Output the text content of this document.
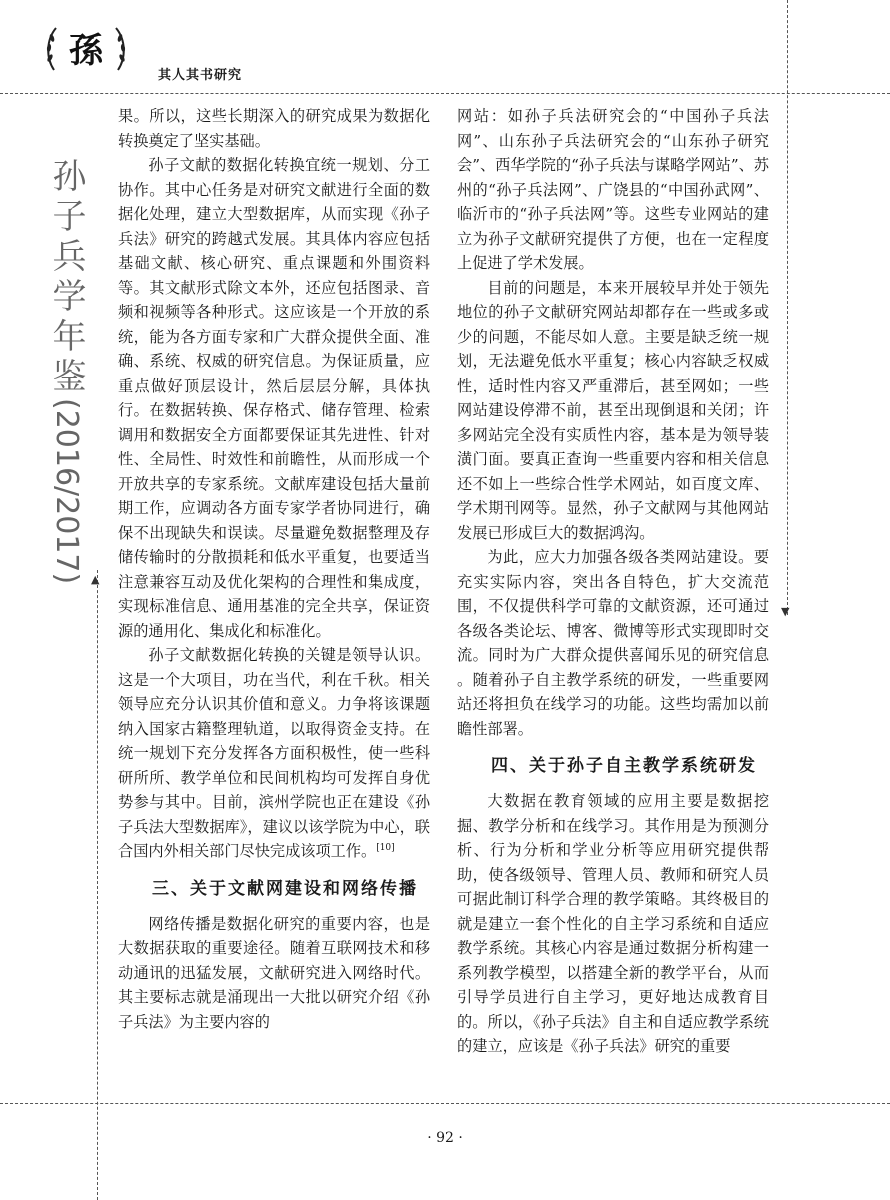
▲
▼
孫
其人其书研究
孙子兵学年鉴(2016/2017)

果。所以，这些长期深入的研究成果为数据化转换奠定了坚实基础。

孙子文献的数据化转换宜统一规划、分工协作。其中心任务是对研究文献进行全面的数据化处理，建立大型数据库，从而实现《孙子兵法》研究的跨越式发展。其具体内容应包括基础文献、核心研究、重点课题和外围资料等。其文献形式除文本外，还应包括图录、音频和视频等各种形式。这应该是一个开放的系统，能为各方面专家和广大群众提供全面、准确、系统、权威的研究信息。为保证质量，应重点做好顶层设计，然后层层分解，具体执行。在数据转换、保存格式、储存管理、检索调用和数据安全方面都要保证其先进性、针对性、全局性、时效性和前瞻性，从而形成一个开放共享的专家系统。文献库建设包括大量前期工作，应调动各方面专家学者协同进行，确保不出现缺失和误读。尽量避免数据整理及存储传输时的分散损耗和低水平重复，也要适当注意兼容互动及优化架构的合理性和集成度，实现标准信息、通用基准的完全共享，保证资源的通用化、集成化和标准化。

孙子文献数据化转换的关键是领导认识。这是一个大项目，功在当代，利在千秋。相关领导应充分认识其价值和意义。力争将该课题纳入国家古籍整理轨道，以取得资金支持。在统一规划下充分发挥各方面积极性，使一些科研所所、教学单位和民间机构均可发挥自身优势参与其中。目前，滨州学院也正在建设《孙子兵法大型数据库》，建议以该学院为中心，联合国内外相关部门尽快完成该项工作。[10]

三、关于文献网建设和网络传播

网络传播是数据化研究的重要内容，也是大数据获取的重要途径。随着互联网技术和移动通讯的迅猛发展，文献研究进入网络时代。其主要标志就是涌现出一大批以研究介绍《孙子兵法》为主要内容的

网站：如孙子兵法研究会的“中国孙子兵法网”、山东孙子兵法研究会的“山东孙子研究会”、西华学院的“孙子兵法与谋略学网站”、苏州的“孙子兵法网”、广饶县的“中国孙武网”、临沂市的“孙子兵法网”等。这些专业网站的建立为孙子文献研究提供了方便，也在一定程度上促进了学术发展。

目前的问题是，本来开展较早并处于领先地位的孙子文献研究网站却都存在一些或多或少的问题，不能尽如人意。主要是缺乏统一规划，无法避免低水平重复；核心内容缺乏权威性，适时性内容又严重滞后，甚至网如；一些网站建设停滞不前，甚至出现倒退和关闭；许多网站完全没有实质性内容，基本是为领导装潢门面。要真正查询一些重要内容和相关信息还不如上一些综合性学术网站，如百度文库、学术期刊网等。显然，孙子文献网与其他网站发展已形成巨大的数据鸿沟。

为此，应大力加强各级各类网站建设。要充实实际内容，突出各自特色，扩大交流范围，不仅提供科学可靠的文献资源，还可通过各级各类论坛、博客、微博等形式实现即时交流。同时为广大群众提供喜闻乐见的研究信息 。随着孙子自主教学系统的研发，一些重要网站还将担负在线学习的功能。这些均需加以前瞻性部署。

四、关于孙子自主教学系统研发

大数据在教育领域的应用主要是数据挖掘、教学分析和在线学习。其作用是为预测分析、行为分析和学业分析等应用研究提供帮助，使各级领导、管理人员、教师和研究人员可据此制订科学合理的教学策略。其终极目的就是建立一套个性化的自主学习系统和自适应教学系统。其核心内容是通过数据分析构建一系列教学模型，以搭建全新的教学平台，从而引导学员进行自主学习，更好地达成教育目的。所以，《孙子兵法》自主和自适应教学系统的建立，应该是《孙子兵法》研究的重要

· 92 ·
